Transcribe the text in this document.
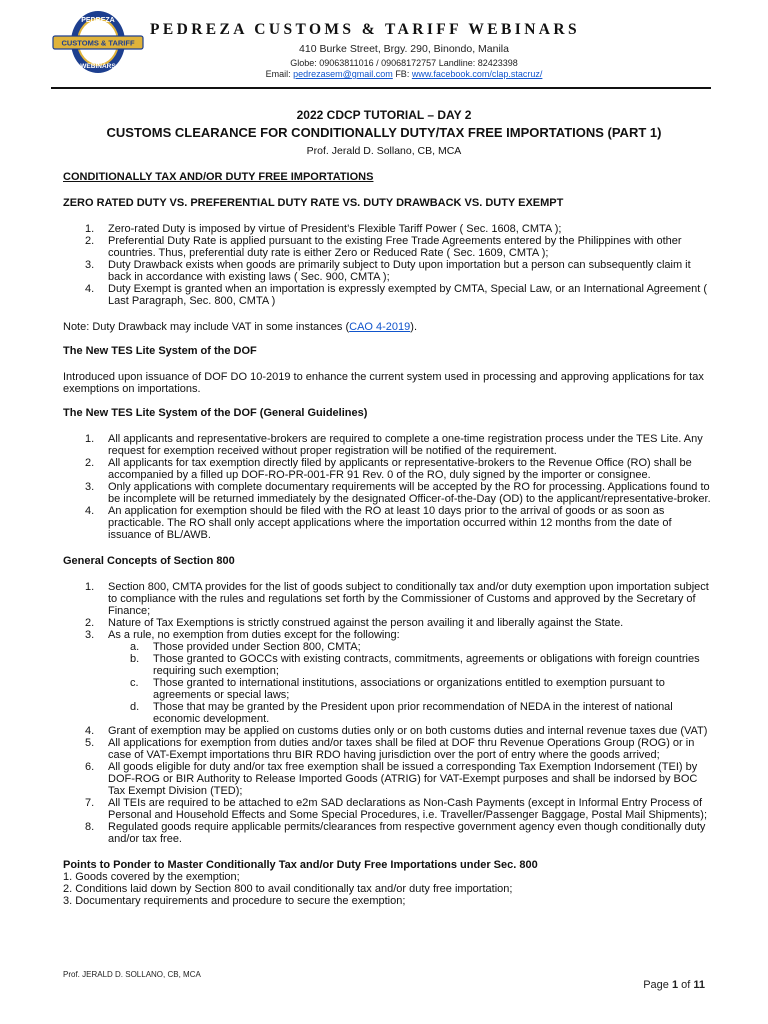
PEDREZA
CUSTOMS & TARIFF
WEBINARS
PEDREZA CUSTOMS & TARIFF WEBINARS
410 Burke Street, Brgy. 290, Binondo, Manila
Globe: 09063811016 / 09068172757 Landline: 82423398
Email: pedrezasem@gmail.com FB: www.facebook.com/clap.stacruz/
2022 CDCP TUTORIAL – DAY 2
CUSTOMS CLEARANCE FOR CONDITIONALLY DUTY/TAX FREE IMPORTATIONS (PART 1)
Prof. Jerald D. Sollano, CB, MCA
CONDITIONALLY TAX AND/OR DUTY FREE IMPORTATIONS
ZERO RATED DUTY VS. PREFERENTIAL DUTY RATE VS. DUTY DRAWBACK VS. DUTY EXEMPT
1. Zero-rated Duty is imposed by virtue of President’s Flexible Tariff Power ( Sec. 1608, CMTA );
2. Preferential Duty Rate is applied pursuant to the existing Free Trade Agreements entered by the Philippines with other countries. Thus, preferential duty rate is either Zero or Reduced Rate ( Sec. 1609, CMTA );
3. Duty Drawback exists when goods are primarily subject to Duty upon importation but a person can subsequently claim it back in accordance with existing laws ( Sec. 900, CMTA );
4. Duty Exempt is granted when an importation is expressly exempted by CMTA, Special Law, or an International Agreement ( Last Paragraph, Sec. 800, CMTA )
Note: Duty Drawback may include VAT in some instances (CAO 4-2019).
The New TES Lite System of the DOF
Introduced upon issuance of DOF DO 10-2019 to enhance the current system used in processing and approving applications for tax exemptions on importations.
The New TES Lite System of the DOF (General Guidelines)
1. All applicants and representative-brokers are required to complete a one-time registration process under the TES Lite. Any request for exemption received without proper registration will be notified of the requirement.
2. All applicants for tax exemption directly filed by applicants or representative-brokers to the Revenue Office (RO) shall be accompanied by a filled up DOF-RO-PR-001-FR 91 Rev. 0 of the RO, duly signed by the importer or consignee.
3. Only applications with complete documentary requirements will be accepted by the RO for processing. Applications found to be incomplete will be returned immediately by the designated Officer-of-the-Day (OD) to the applicant/representative-broker.
4. An application for exemption should be filed with the RO at least 10 days prior to the arrival of goods or as soon as practicable. The RO shall only accept applications where the importation occurred within 12 months from the date of issuance of BL/AWB.
General Concepts of Section 800
1. Section 800, CMTA provides for the list of goods subject to conditionally tax and/or duty exemption upon importation subject to compliance with the rules and regulations set forth by the Commissioner of Customs and approved by the Secretary of Finance;
2. Nature of Tax Exemptions is strictly construed against the person availing it and liberally against the State.
3. As a rule, no exemption from duties except for the following:
a. Those provided under Section 800, CMTA;
b. Those granted to GOCCs with existing contracts, commitments, agreements or obligations with foreign countries requiring such exemption;
c. Those granted to international institutions, associations or organizations entitled to exemption pursuant to agreements or special laws;
d. Those that may be granted by the President upon prior recommendation of NEDA in the interest of national economic development.
4. Grant of exemption may be applied on customs duties only or on both customs duties and internal revenue taxes due (VAT)
5. All applications for exemption from duties and/or taxes shall be filed at DOF thru Revenue Operations Group (ROG) or in case of VAT-Exempt importations thru BIR RDO having jurisdiction over the port of entry where the goods arrived;
6. All goods eligible for duty and/or tax free exemption shall be issued a corresponding Tax Exemption Indorsement (TEI) by DOF-ROG or BIR Authority to Release Imported Goods (ATRIG) for VAT-Exempt purposes and shall be indorsed by BOC Tax Exempt Division (TED);
7. All TEIs are required to be attached to e2m SAD declarations as Non-Cash Payments (except in Informal Entry Process of Personal and Household Effects and Some Special Procedures, i.e. Traveller/Passenger Baggage, Postal Mail Shipments);
8. Regulated goods require applicable permits/clearances from respective government agency even though conditionally duty and/or tax free.
Points to Ponder to Master Conditionally Tax and/or Duty Free Importations under Sec. 800
1. Goods covered by the exemption;
2. Conditions laid down by Section 800 to avail conditionally tax and/or duty free importation;
3. Documentary requirements and procedure to secure the exemption;
Prof. JERALD D. SOLLANO, CB, MCA
Page 1 of 11
